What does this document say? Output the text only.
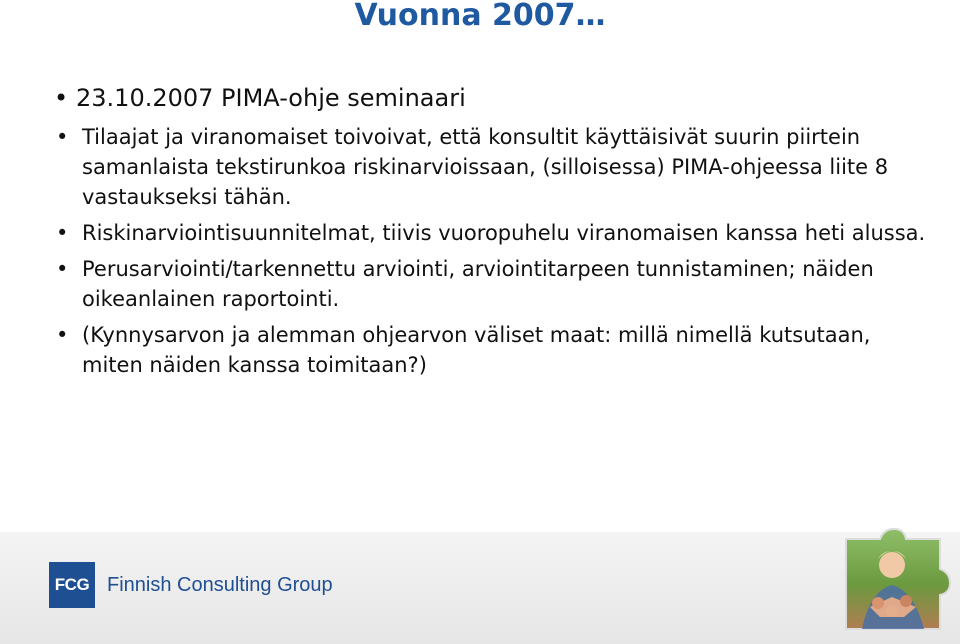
Vuonna 2007…
• 23.10.2007 PIMA-ohje seminaari
• Tilaajat ja viranomaiset toivoivat, että konsultit käyttäisivät suurin piirtein samanlaista tekstirunkoa riskinarvioissaan, (silloisessa) PIMA-ohjeessa liite 8 vastaukseksi tähän.
• Riskinarviointisuunnitelmat, tiivis vuoropuhelu viranomaisen kanssa heti alussa.
• Perusarviointi/tarkennettu arviointi, arviointitarpeen tunnistaminen; näiden oikeanlainen raportointi.
• (Kynnysarvon ja alemman ohjearvon väliset maat: millä nimellä kutsutaan, miten näiden kanssa toimitaan?)
FCG Finnish Consulting Group
